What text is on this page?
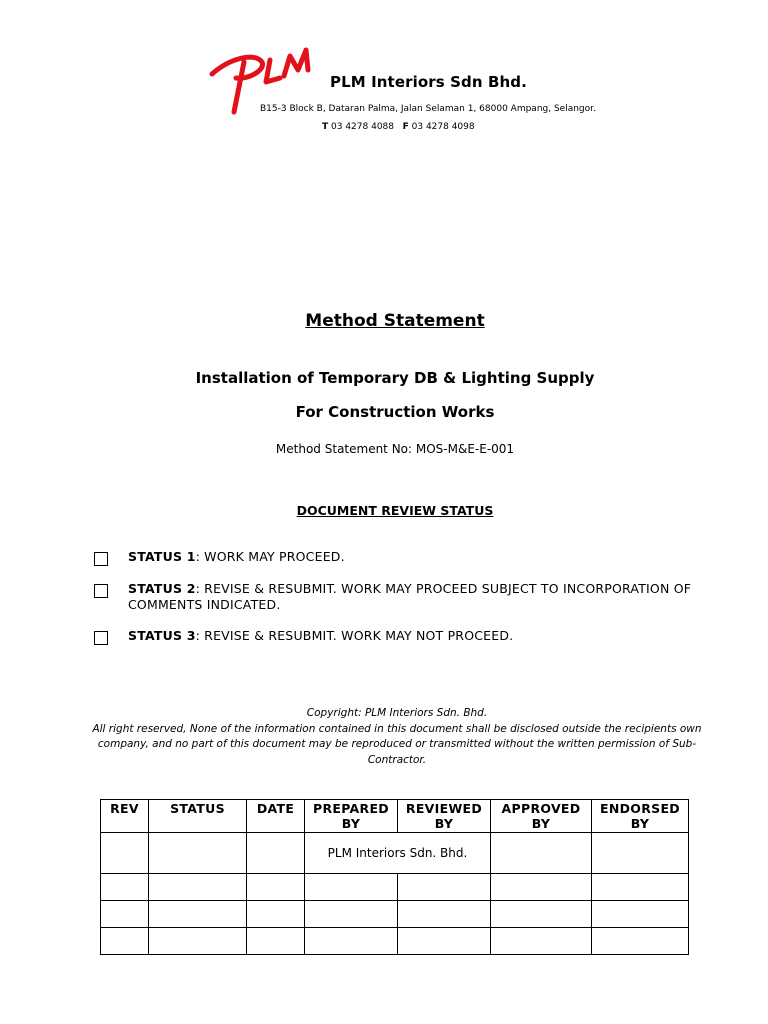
PLM Interiors Sdn Bhd.
B15-3 Block B, Dataran Palma, Jalan Selaman 1, 68000 Ampang, Selangor.
T 03 4278 4088 F 03 4278 4098
Method Statement
Installation of Temporary DB & Lighting Supply
For Construction Works
Method Statement No: MOS-M&E-E-001
DOCUMENT REVIEW STATUS
STATUS 1: WORK MAY PROCEED.
STATUS 2: REVISE & RESUBMIT. WORK MAY PROCEED SUBJECT TO INCORPORATION OF COMMENTS INDICATED.
STATUS 3: REVISE & RESUBMIT. WORK MAY NOT PROCEED.
Copyright: PLM Interiors Sdn. Bhd.
All right reserved, None of the information contained in this document shall be disclosed outside the recipients own company, and no part of this document may be reproduced or transmitted without the written permission of Sub-Contractor.
REV	STATUS	DATE	PREPARED BY	REVIEWED BY	APPROVED BY	ENDORSED BY
			PLM Interiors Sdn. Bhd.			
